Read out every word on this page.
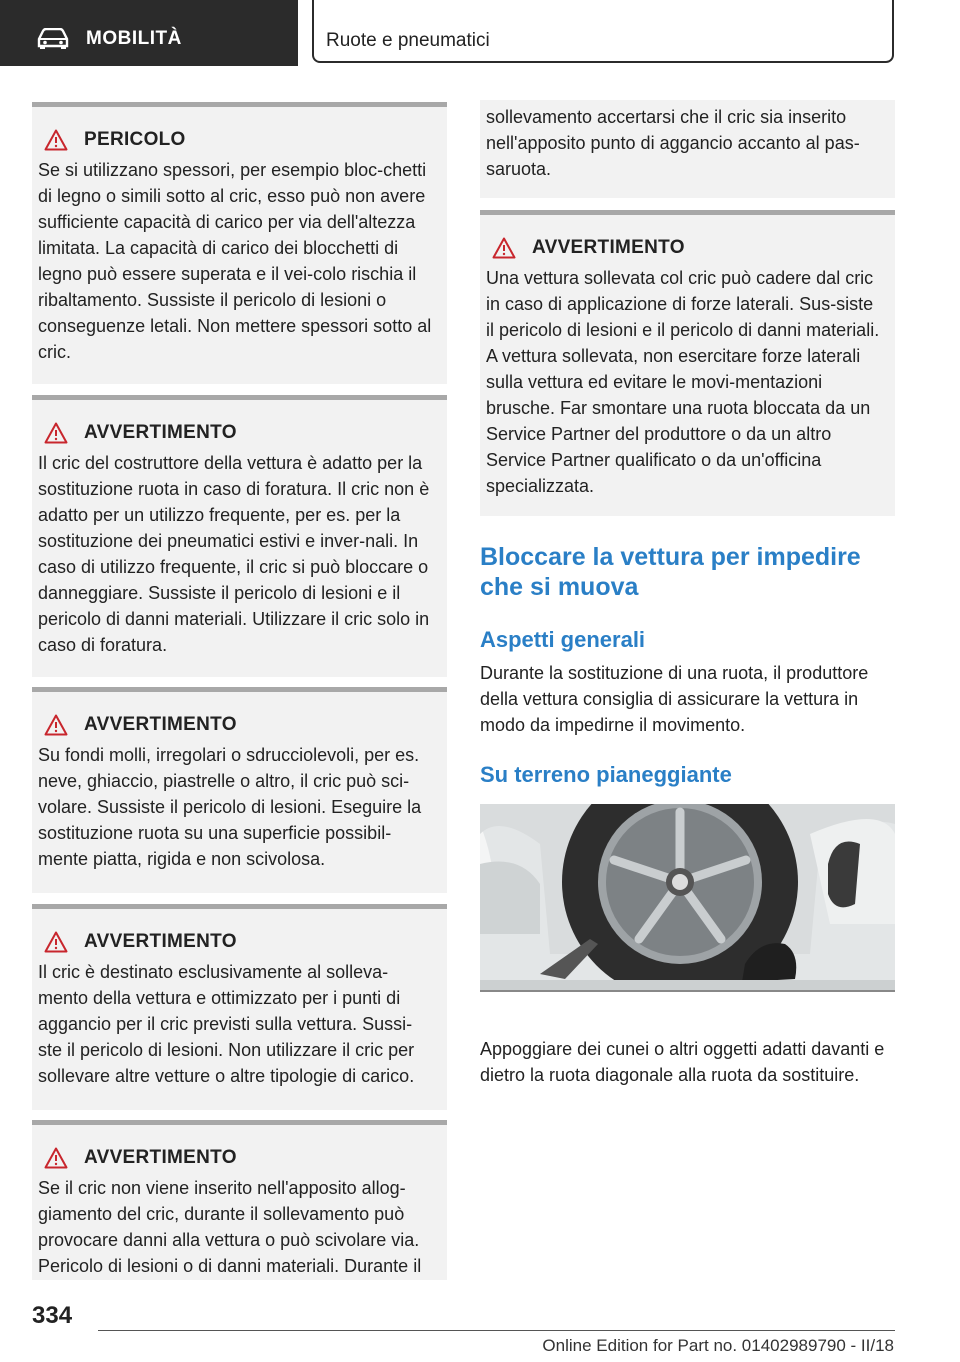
MOBILITÀ	Ruote e pneumatici
PERICOLO

Se si utilizzano spessori, per esempio bloc-chetti di legno o simili sotto al cric, esso può non avere sufficiente capacità di carico per via dell'altezza limitata. La capacità di carico dei blocchetti di legno può essere superata e il vei-colo rischia il ribaltamento. Sussiste il pericolo di lesioni o conseguenze letali. Non mettere spessori sotto al cric.

AVVERTIMENTO

Il cric del costruttore della vettura è adatto per la sostituzione ruota in caso di foratura. Il cric non è adatto per un utilizzo frequente, per es. per la sostituzione dei pneumatici estivi e inver-nali. In caso di utilizzo frequente, il cric si può bloccare o danneggiare. Sussiste il pericolo di lesioni e il pericolo di danni materiali. Utilizzare il cric solo in caso di foratura.

AVVERTIMENTO

Su fondi molli, irregolari o sdrucciolevoli, per es. neve, ghiaccio, piastrelle o altro, il cric può sci-volare. Sussiste il pericolo di lesioni. Eseguire la sostituzione ruota su una superficie possibil-mente piatta, rigida e non scivolosa.

AVVERTIMENTO

Il cric è destinato esclusivamente al solleva-mento della vettura e ottimizzato per i punti di aggancio per il cric previsti sulla vettura. Sussi-ste il pericolo di lesioni. Non utilizzare il cric per sollevare altre vetture o altre tipologie di carico.

AVVERTIMENTO

Se il cric non viene inserito nell'apposito allog-giamento del cric, durante il sollevamento può provocare danni alla vettura o può scivolare via. Pericolo di lesioni o di danni materiali. Durante il

sollevamento accertarsi che il cric sia inserito nell'apposito punto di aggancio accanto al pas-saruota.

AVVERTIMENTO

Una vettura sollevata col cric può cadere dal cric in caso di applicazione di forze laterali. Sus-siste il pericolo di lesioni e il pericolo di danni materiali. A vettura sollevata, non esercitare forze laterali sulla vettura ed evitare le movi-mentazioni brusche. Far smontare una ruota bloccata da un Service Partner del produttore o da un altro Service Partner qualificato o da un'officina specializzata.

Bloccare la vettura per impedire che si muova
Aspetti generali

Durante la sostituzione di una ruota, il produttore della vettura consiglia di assicurare la vettura in modo da impedirne il movimento.

Su terreno pianeggiante

Appoggiare dei cunei o altri oggetti adatti davanti e dietro la ruota diagonale alla ruota da sostituire.

334
Online Edition for Part no. 01402989790 - II/18
